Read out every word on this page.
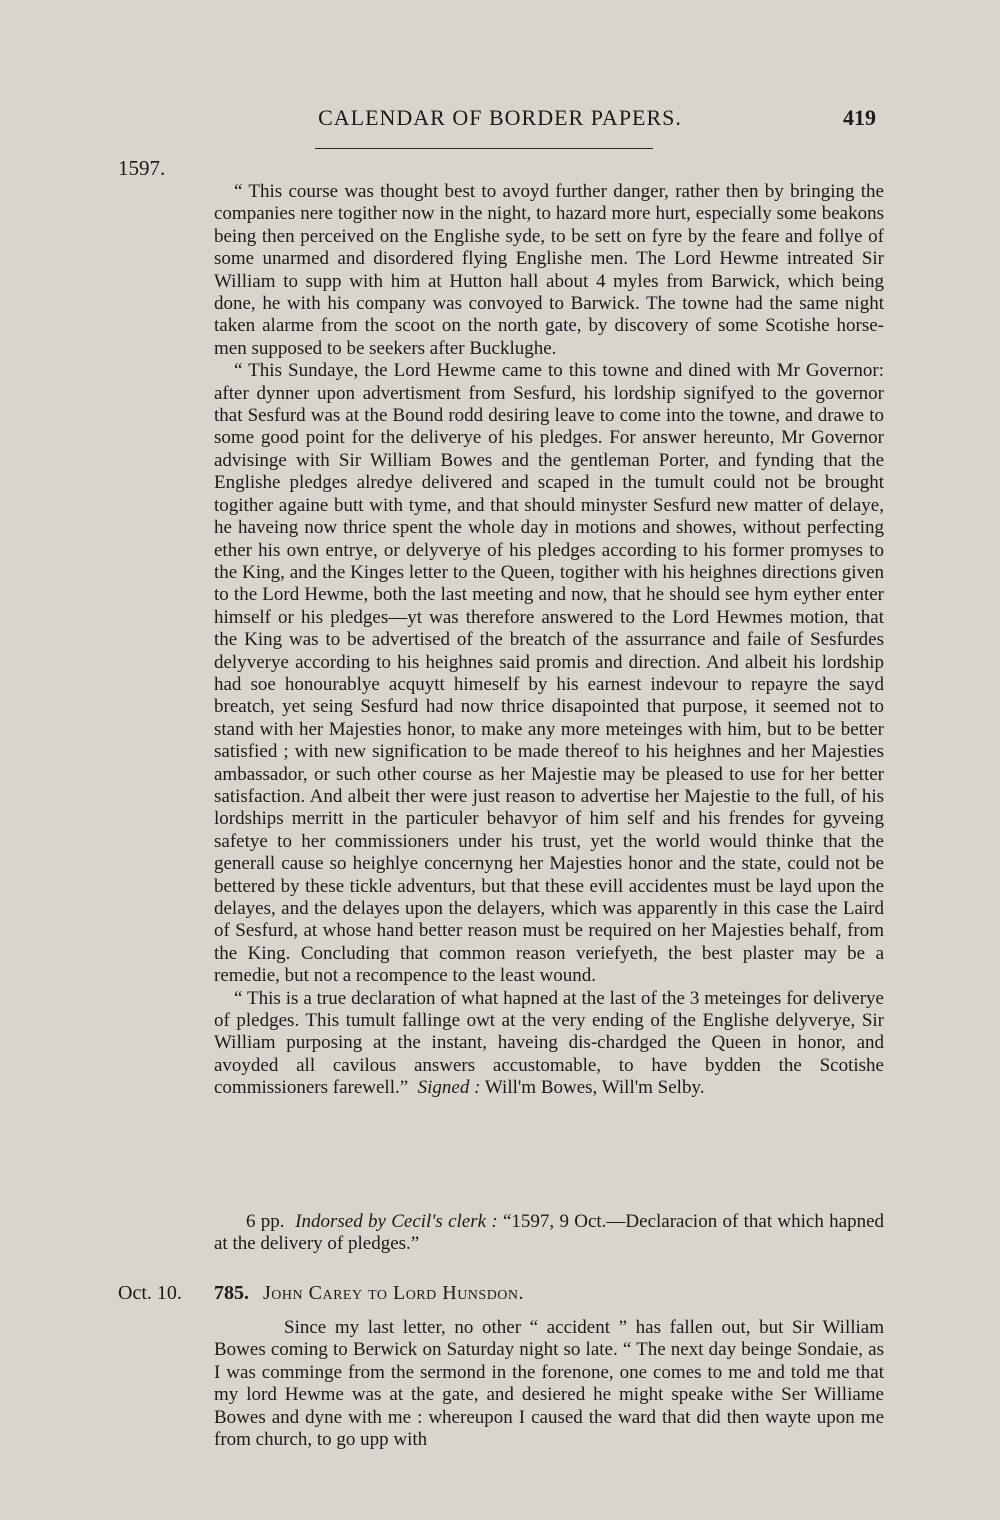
CALENDAR OF BORDER PAPERS.	419
1597.

“ This course was thought best to avoyd further danger, rather then by bringing the companies nere togither now in the night, to hazard more hurt, especially some beakons being then perceived on the Englishe syde, to be sett on fyre by the feare and follye of some unarmed and disordered flying Englishe men. The Lord Hewme intreated Sir William to supp with him at Hutton hall about 4 myles from Barwick, which being done, he with his company was convoyed to Barwick. The towne had the same night taken alarme from the scoot on the north gate, by discovery of some Scotishe horse-men supposed to be seekers after Bucklughe.

“ This Sundaye, the Lord Hewme came to this towne and dined with Mr Governor: after dynner upon advertisment from Sesfurd, his lordship signifyed to the governor that Sesfurd was at the Bound rodd desiring leave to come into the towne, and drawe to some good point for the deliverye of his pledges. For answer hereunto, Mr Governor advisinge with Sir William Bowes and the gentleman Porter, and fynding that the Englishe pledges alredye delivered and scaped in the tumult could not be brought togither againe butt with tyme, and that should minyster Sesfurd new matter of delaye, he haveing now thrice spent the whole day in motions and showes, without perfecting ether his own entrye, or delyverye of his pledges according to his former promyses to the King, and the Kinges letter to the Queen, togither with his heighnes directions given to the Lord Hewme, both the last meeting and now, that he should see hym eyther enter himself or his pledges—yt was therefore answered to the Lord Hewmes motion, that the King was to be advertised of the breatch of the assurrance and faile of Sesfurdes delyverye according to his heighnes said promis and direction. And albeit his lordship had soe honourablye acquytt himeself by his earnest indevour to repayre the sayd breatch, yet seing Sesfurd had now thrice disapointed that purpose, it seemed not to stand with her Majesties honor, to make any more meteinges with him, but to be better satisfied ; with new signification to be made thereof to his heighnes and her Majesties ambassador, or such other course as her Majestie may be pleased to use for her better satisfaction. And albeit ther were just reason to advertise her Majestie to the full, of his lordships merritt in the particuler behavyor of him self and his frendes for gyveing safetye to her commissioners under his trust, yet the world would thinke that the generall cause so heighlye concernyng her Majesties honor and the state, could not be bettered by these tickle adventurs, but that these evill accidentes must be layd upon the delayes, and the delayes upon the delayers, which was apparently in this case the Laird of Sesfurd, at whose hand better reason must be required on her Majesties behalf, from the King. Concluding that common reason veriefyeth, the best plaster may be a remedie, but not a recompence to the least wound.

“ This is a true declaration of what hapned at the last of the 3 meteinges for deliverye of pledges. This tumult fallinge owt at the very ending of the Englishe delyverye, Sir William purposing at the instant, haveing dis-chardged the Queen in honor, and avoyded all cavilous answers accustomable, to have bydden the Scotishe commissioners farewell.” Signed : Will'm Bowes, Will'm Selby.

6 pp. Indorsed by Cecil's clerk : “1597, 9 Oct.—Declaracion of that which hapned at the delivery of pledges.”

Oct. 10. 785. John Carey to Lord Hunsdon.

Since my last letter, no other “ accident ” has fallen out, but Sir William Bowes coming to Berwick on Saturday night so late. “ The next day beinge Sondaie, as I was comminge from the sermond in the forenone, one comes to me and told me that my lord Hewme was at the gate, and desiered he might speake withe Ser Williame Bowes and dyne with me : whereupon I caused the ward that did then wayte upon me from church, to go upp with
